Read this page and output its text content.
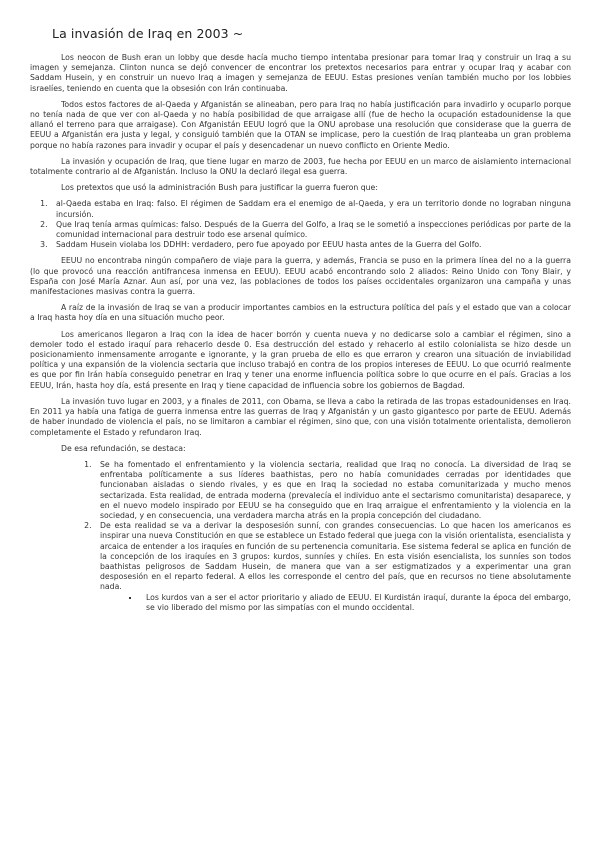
La invasión de Iraq en 2003 ~

Los neocon de Bush eran un lobby que desde hacía mucho tiempo intentaba presionar para tomar Iraq y construir un Iraq a su imagen y semejanza. Clinton nunca se dejó convencer de encontrar los pretextos necesarios para entrar y ocupar Iraq y acabar con Saddam Husein, y en construir un nuevo Iraq a imagen y semejanza de EEUU. Estas presiones venían también mucho por los lobbies israelíes, teniendo en cuenta que la obsesión con Irán continuaba.

Todos estos factores de al-Qaeda y Afganistán se alineaban, pero para Iraq no había justificación para invadirlo y ocuparlo porque no tenía nada de que ver con al-Qaeda y no había posibilidad de que arraigase allí (fue de hecho la ocupación estadounidense la que allanó el terreno para que arraigase). Con Afganistán EEUU logró que la ONU aprobase una resolución que considerase que la guerra de EEUU a Afganistán era justa y legal, y consiguió también que la OTAN se implicase, pero la cuestión de Iraq planteaba un gran problema porque no había razones para invadir y ocupar el país y desencadenar un nuevo conflicto en Oriente Medio.

La invasión y ocupación de Iraq, que tiene lugar en marzo de 2003, fue hecha por EEUU en un marco de aislamiento internacional totalmente contrario al de Afganistán. Incluso la ONU la declaró ilegal esa guerra.

Los pretextos que usó la administración Bush para justificar la guerra fueron que:

1. al-Qaeda estaba en Iraq: falso. El régimen de Saddam era el enemigo de al-Qaeda, y era un territorio donde no lograban ninguna incursión.
2. Que Iraq tenía armas químicas: falso. Después de la Guerra del Golfo, a Iraq se le sometió a inspecciones periódicas por parte de la comunidad internacional para destruir todo ese arsenal químico.
3. Saddam Husein violaba los DDHH: verdadero, pero fue apoyado por EEUU hasta antes de la Guerra del Golfo.

EEUU no encontraba ningún compañero de viaje para la guerra, y además, Francia se puso en la primera línea del no a la guerra (lo que provocó una reacción antifrancesa inmensa en EEUU). EEUU acabó encontrando solo 2 aliados: Reino Unido con Tony Blair, y España con José María Aznar. Aun así, por una vez, las poblaciones de todos los países occidentales organizaron una campaña y unas manifestaciones masivas contra la guerra.

A raíz de la invasión de Iraq se van a producir importantes cambios en la estructura política del país y el estado que van a colocar a Iraq hasta hoy día en una situación mucho peor.

Los americanos llegaron a Iraq con la idea de hacer borrón y cuenta nueva y no dedicarse solo a cambiar el régimen, sino a demoler todo el estado iraquí para rehacerlo desde 0. Esa destrucción del estado y rehacerlo al estilo colonialista se hizo desde un posicionamiento inmensamente arrogante e ignorante, y la gran prueba de ello es que erraron y crearon una situación de inviabilidad política y una expansión de la violencia sectaria que incluso trabajó en contra de los propios intereses de EEUU. Lo que ocurrió realmente es que por fin Irán había conseguido penetrar en Iraq y tener una enorme influencia política sobre lo que ocurre en el país. Gracias a los EEUU, Irán, hasta hoy día, está presente en Iraq y tiene capacidad de influencia sobre los gobiernos de Bagdad.

La invasión tuvo lugar en 2003, y a finales de 2011, con Obama, se lleva a cabo la retirada de las tropas estadounidenses en Iraq. En 2011 ya había una fatiga de guerra inmensa entre las guerras de Iraq y Afganistán y un gasto gigantesco por parte de EEUU. Además de haber inundado de violencia el país, no se limitaron a cambiar el régimen, sino que, con una visión totalmente orientalista, demolieron completamente el Estado y refundaron Iraq.

De esa refundación, se destaca:

1. Se ha fomentado el enfrentamiento y la violencia sectaria, realidad que Iraq no conocía. La diversidad de Iraq se enfrentaba políticamente a sus líderes baathistas, pero no había comunidades cerradas por identidades que funcionaban aisladas o siendo rivales, y es que en Iraq la sociedad no estaba comunitarizada y mucho menos sectarizada. Esta realidad, de entrada moderna (prevalecía el individuo ante el sectarismo comunitarista) desaparece, y en el nuevo modelo inspirado por EEUU se ha conseguido que en Iraq arraigue el enfrentamiento y la violencia en la sociedad, y en consecuencia, una verdadera marcha atrás en la propia concepción del ciudadano.
2. De esta realidad se va a derivar la desposesión sunní, con grandes consecuencias. Lo que hacen los americanos es inspirar una nueva Constitución en que se establece un Estado federal que juega con la visión orientalista, esencialista y arcaica de entender a los iraquíes en función de su pertenencia comunitaria. Ese sistema federal se aplica en función de la concepción de los iraquíes en 3 grupos: kurdos, sunníes y chiíes. En esta visión esencialista, los sunníes son todos baathistas peligrosos de Saddam Husein, de manera que van a ser estigmatizados y a experimentar una gran desposesión en el reparto federal. A ellos les corresponde el centro del país, que en recursos no tiene absolutamente nada.
▪ Los kurdos van a ser el actor prioritario y aliado de EEUU. El Kurdistán iraquí, durante la época del embargo, se vio liberado del mismo por las simpatías con el mundo occidental.
